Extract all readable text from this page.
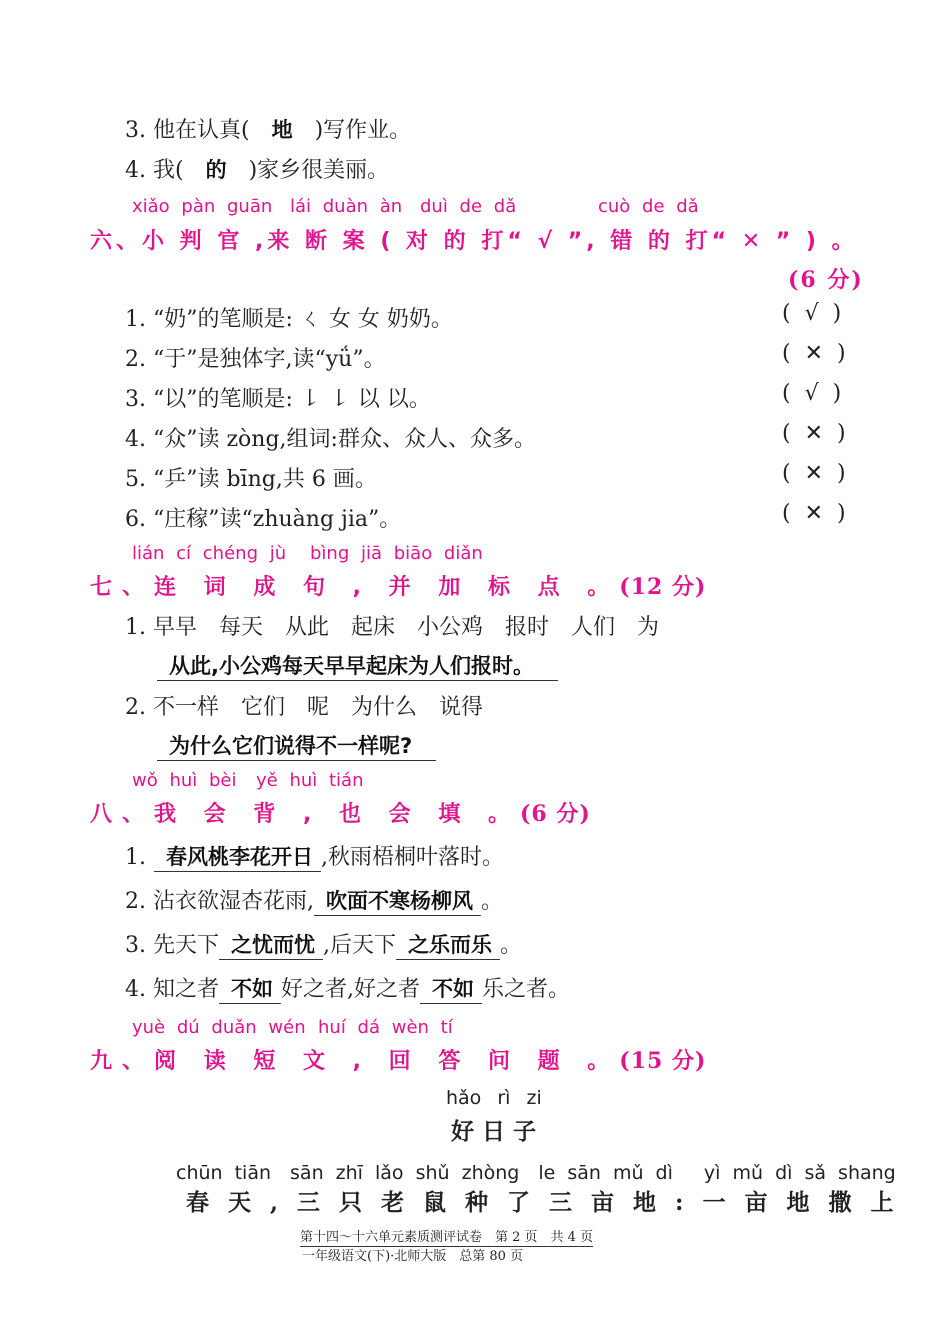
3. 他在认真( 地 )写作业。
4. 我( 的 )家乡很美丽。
xiǎo pàn guān lái duàn àn duì de dǎ	cuò de dǎ
六、小 判 官 ,来 断 案 ( 对 的 打“ √ ”, 错 的 打“ ✕ ” ) 。
(6 分)
1. “奶”的笔顺是: ㄑ 女 女 奶奶。	(  √  )
2. “于”是独体字,读“yǘ”。	(  ✕  )
3. “以”的笔顺是: ㇙ ㇙ 以 以。	(  √  )
4. “众”读 zòng,组词:群众、众人、众多。	(  ✕  )
5. “乒”读 bīng,共 6 画。	(  ✕  )
6. “庄稼”读“zhuàng jia”。	(  ✕  )
lián cí chéng jù bìng jiā biāo diǎn
七、连 词 成 句 , 并 加 标 点 。(12 分)
1. 早早　每天　从此　起床　小公鸡　报时　人们　为
从此,小公鸡每天早早起床为人们报时。
2. 不一样　它们　呢　为什么　说得
为什么它们说得不一样呢?
wǒ huì bèi yě huì tián
八、我 会 背 , 也 会 填 。(6 分)
1. 春风桃李花开日 ,秋雨梧桐叶落时。
2. 沾衣欲湿杏花雨, 吹面不寒杨柳风 。
3. 先天下 之忧而忧 ,后天下 之乐而乐 。
4. 知之者 不如 好之者,好之者 不如 乐之者。
yuè dú duǎn wén huí dá wèn tí
九、阅 读 短 文 , 回 答 问 题 。(15 分)
hǎo rì zi
好 日 子
chūn tiān　sān zhī lǎo shǔ zhòng　le sān mǔ dì　 yì mǔ dì sǎ shang
春天,三只老鼠种了三亩地:一亩地撒上
第十四～十六单元素质测评试卷　第 2 页　共 4 页
一年级语文(下)·北师大版　总第 80 页
